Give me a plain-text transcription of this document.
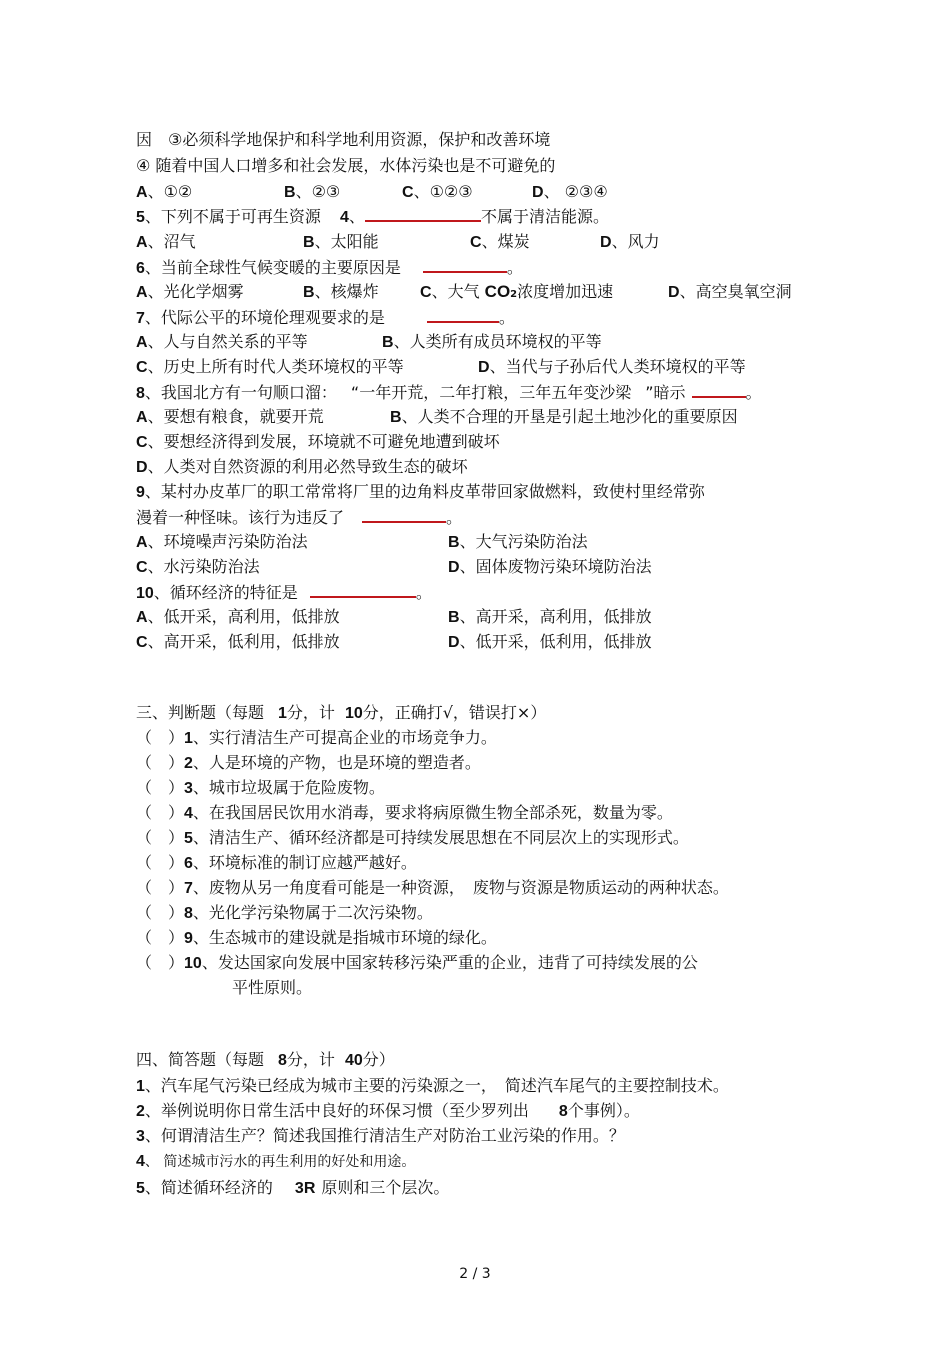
因　③必须科学地保护和科学地利用资源，保护和改善环境
④ 随着中国人口增多和社会发展，水体污染也是不可避免的
A、①②	B、②③	C、①②③	D、 ②③④
5、下列不属于可再生资源 4、	不属于清洁能源。
A、沼气	B、太阳能	C、煤炭	D、风力
6、当前全球性气候变暖的主要原因是	。
A、光化学烟雾	B、核爆炸	C、大气 CO2浓度增加迅速	D、高空臭氧空洞
7、代际公平的环境伦理观要求的是	。
A、人与自然关系的平等	B、人类所有成员环境权的平等
C、历史上所有时代人类环境权的平等	D、当代与子孙后代人类环境权的平等
8、我国北方有一句顺口溜： “一年开荒，二年打粮，三年五年变沙梁 ”暗示	。
A、要想有粮食，就要开荒	B、人类不合理的开垦是引起土地沙化的重要原因
C、要想经济得到发展，环境就不可避免地遭到破坏
D、人类对自然资源的利用必然导致生态的破坏
9、某村办皮革厂的职工常常将厂里的边角料皮革带回家做燃料，致使村里经常弥
漫着一种怪味。该行为违反了	。
A、环境噪声污染防治法	B、大气污染防治法
C、水污染防治法	D、固体废物污染环境防治法
10、循环经济的特征是	。
A、低开采，高利用，低排放	B、高开采，高利用，低排放
C、高开采，低利用，低排放	D、低开采，低利用，低排放
三、判断题（每题 1分，计 10分，正确打√，错误打×）
（　）1、实行清洁生产可提高企业的市场竞争力。
（　）2、人是环境的产物，也是环境的塑造者。
（　）3、城市垃圾属于危险废物。
（　）4、在我国居民饮用水消毒，要求将病原微生物全部杀死，数量为零。
（　）5、清洁生产、循环经济都是可持续发展思想在不同层次上的实现形式。
（　）6、环境标准的制订应越严越好。
（　）7、废物从另一角度看可能是一种资源，　废物与资源是物质运动的两种状态。
（　）8、光化学污染物属于二次污染物。
（　）9、生态城市的建设就是指城市环境的绿化。
（　）10、发达国家向发展中国家转移污染严重的企业，违背了可持续发展的公
平性原则。
四、简答题（每题 8分，计 40分）
1、汽车尾气污染已经成为城市主要的污染源之一，　简述汽车尾气的主要控制技术。
2、举例说明你日常生活中良好的环保习惯（至少罗列出 8个事例）。
3、何谓清洁生产？简述我国推行清洁生产对防治工业污染的作用。？
4、 简述城市污水的再生利用的好处和用途。
5、简述循环经济的 3R 原则和三个层次。
2 / 3
